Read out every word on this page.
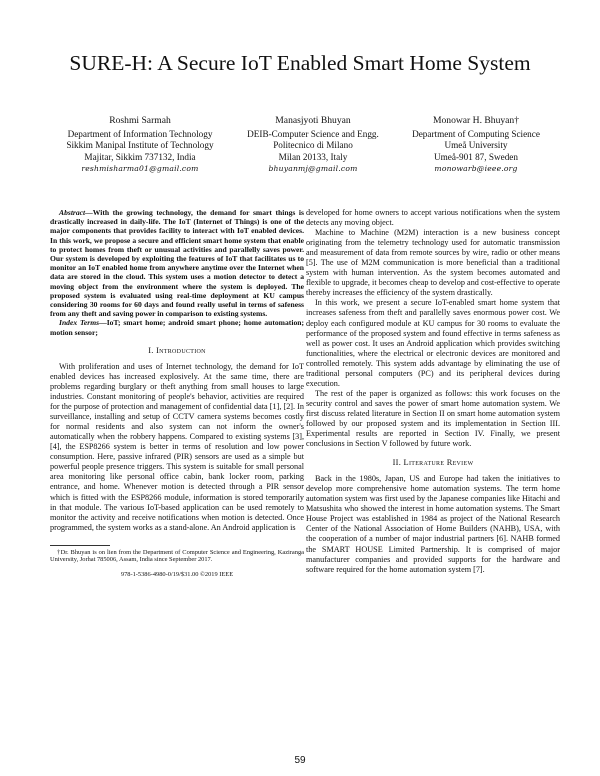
SURE-H: A Secure IoT Enabled Smart Home System
Roshmi Sarmah
Department of Information Technology
Sikkim Manipal Institute of Technology
Majitar, Sikkim 737132, India
reshmisharma01@gmail.com
Manasjyoti Bhuyan
DEIB-Computer Science and Engg.
Politecnico di Milano
Milan 20133, Italy
bhuyanmj@gmail.com
Monowar H. Bhuyan†
Department of Computing Science
Umeå University
Umeå-901 87, Sweden
monowarb@ieee.org

Abstract—With the growing technology, the demand for smart things is drastically increased in daily-life. The IoT (Internet of Things) is one of the major components that provides facility to interact with IoT enabled devices. In this work, we propose a secure and efficient smart home system that enable to protect homes from theft or unusual activities and parallelly saves power. Our system is developed by exploiting the features of IoT that facilitates us to monitor an IoT enabled home from anywhere anytime over the Internet when data are stored in the cloud. This system uses a motion detector to detect a moving object from the environment where the system is deployed. The proposed system is evaluated using real-time deployment at KU campus considering 30 rooms for 60 days and found really useful in terms of safeness from any theft and saving power in comparison to existing systems.

Index Terms—IoT; smart home; android smart phone; home automation; motion sensor;

I. Introduction

With proliferation and uses of Internet technology, the demand for IoT enabled devices has increased explosively. At the same time, there are problems regarding burglary or theft anything from small houses to large industries. Constant monitoring of people's behavior, activities are required for the purpose of protection and management of confidential data [1], [2]. In surveillance, installing and setup of CCTV camera systems becomes costly for normal residents and also system can not inform the owner's automatically when the robbery happens. Compared to existing systems [3], [4], the ESP8266 system is better in terms of resolution and low power consumption. Here, passive infrared (PIR) sensors are used as a simple but powerful people presence triggers. This system is suitable for small personal area monitoring like personal office cabin, bank locker room, parking entrance, and home. Whenever motion is detected through a PIR sensor which is fitted with the ESP8266 module, information is stored temporarily in that module. The various IoT-based application can be used remotely to monitor the activity and receive notifications when motion is detected. Once programmed, the system works as a stand-alone. An Android application is

†Dr. Bhuyan is on lien from the Department of Computer Science and Engineering, Kaziranga University, Jorhat 785006, Assam, India since September 2017.
978-1-5386-4980-0/19/$31.00 ©2019 IEEE

developed for home owners to accept various notifications when the system detects any moving object.

Machine to Machine (M2M) interaction is a new business concept originating from the telemetry technology used for automatic transmission and measurement of data from remote sources by wire, radio or other means [5]. The use of M2M communication is more beneficial than a traditional system with human intervention. As the system becomes automated and flexible to upgrade, it becomes cheap to develop and cost-effective to operate thereby increases the efficiency of the system drastically.

In this work, we present a secure IoT-enabled smart home system that increases safeness from theft and parallelly saves enormous power cost. We deploy each configured module at KU campus for 30 rooms to evaluate the performance of the proposed system and found effective in terms safeness as well as power cost. It uses an Android application which provides switching functionalities, where the electrical or electronic devices are monitored and controlled remotely. This system adds advantage by eliminating the use of traditional personal computers (PC) and its peripheral devices during execution.

The rest of the paper is organized as follows: this work focuses on the security control and saves the power of smart home automation system. We first discuss related literature in Section II on smart home automation system followed by our proposed system and its implementation in Section III. Experimental results are reported in Section IV. Finally, we present conclusions in Section V followed by future work.

II. Literature Review

Back in the 1980s, Japan, US and Europe had taken the initiatives to develop more comprehensive home automation systems. The term home automation system was first used by the Japanese companies like Hitachi and Matsushita who showed the interest in home automation systems. The Smart House Project was established in 1984 as project of the National Research Center of the National Association of Home Builders (NAHB), USA, with the cooperation of a number of major industrial partners [6]. NAHB formed the SMART HOUSE Limited Partnership. It is comprised of major manufacturer companies and provided supports for the hardware and software required for the home automation system [7].

59
